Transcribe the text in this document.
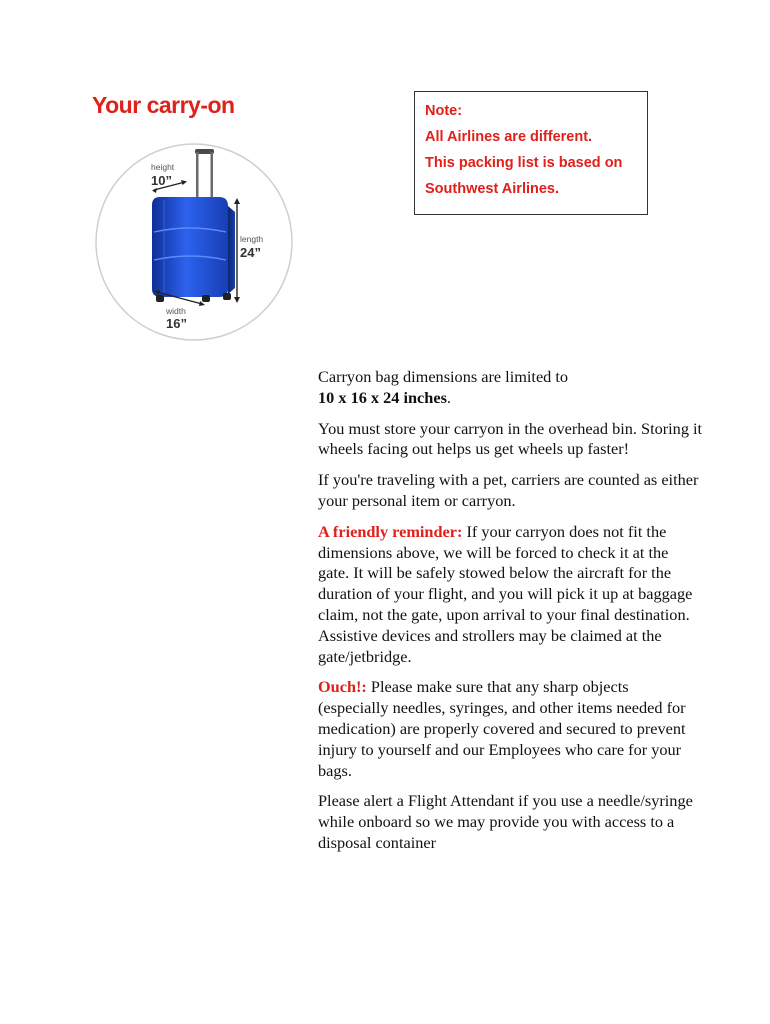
Your carry-on	Note:
All Airlines are different.
This packing list is based on
Southwest Airlines.
height
10”
length
24”
width
16”

Carryon bag dimensions are limited to
10 x 16 x 24 inches.

You must store your carryon in the overhead bin. Storing it wheels facing out helps us get wheels up faster!

If you're traveling with a pet, carriers are counted as either your personal item or carryon.

A friendly reminder: If your carryon does not fit the dimensions above, we will be forced to check it at the gate. It will be safely stowed below the aircraft for the duration of your flight, and you will pick it up at baggage claim, not the gate, upon arrival to your final destination. Assistive devices and strollers may be claimed at the gate/jetbridge.

Ouch!: Please make sure that any sharp objects (especially needles, syringes, and other items needed for medication) are properly covered and secured to prevent injury to yourself and our Employees who care for your bags.

Please alert a Flight Attendant if you use a needle/syringe while onboard so we may provide you with access to a disposal container
